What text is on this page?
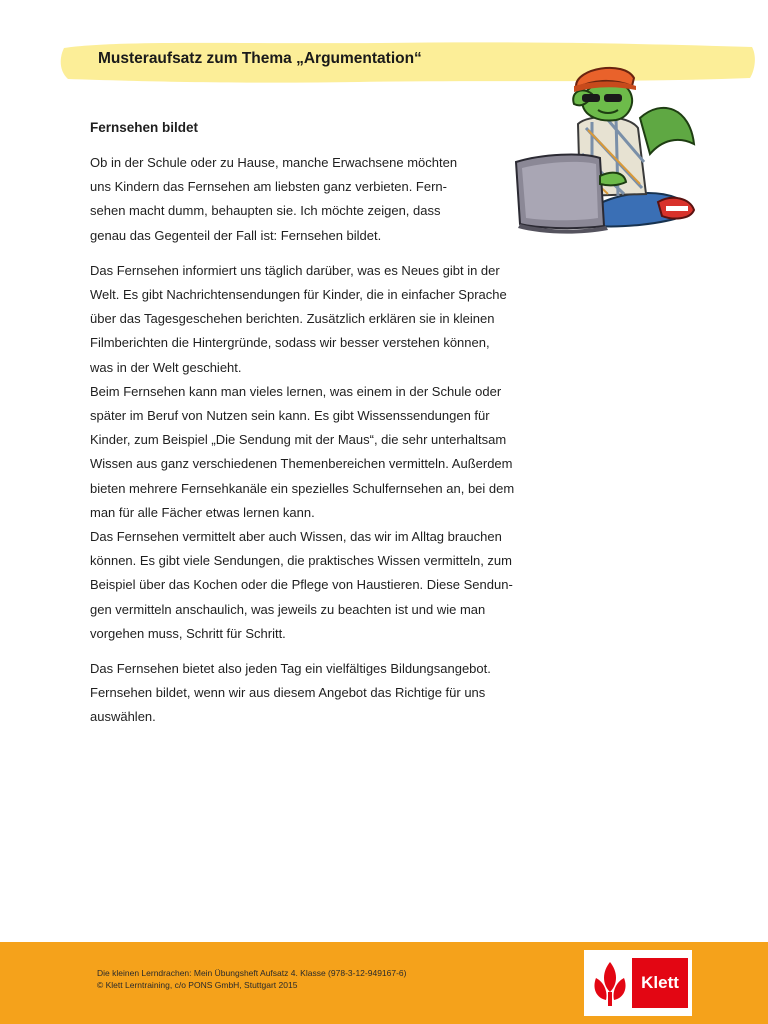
Musteraufsatz zum Thema „Argumentation“
Fernsehen bildet

Ob in der Schule oder zu Hause, manche Erwachsene möchten
uns Kindern das Fernsehen am liebsten ganz verbieten. Fern-
sehen macht dumm, behaupten sie. Ich möchte zeigen, dass
genau das Gegenteil der Fall ist: Fernsehen bildet.

Das Fernsehen informiert uns täglich darüber, was es Neues gibt in der
Welt. Es gibt Nachrichtensendungen für Kinder, die in einfacher Sprache
über das Tagesgeschehen berichten. Zusätzlich erklären sie in kleinen
Filmberichten die Hintergründe, sodass wir besser verstehen können,
was in der Welt geschieht.
Beim Fernsehen kann man vieles lernen, was einem in der Schule oder
später im Beruf von Nutzen sein kann. Es gibt Wissenssendungen für
Kinder, zum Beispiel „Die Sendung mit der Maus“, die sehr unterhaltsam
Wissen aus ganz verschiedenen Themenbereichen vermitteln. Außerdem
bieten mehrere Fernsehkanäle ein spezielles Schulfernsehen an, bei dem
man für alle Fächer etwas lernen kann.
Das Fernsehen vermittelt aber auch Wissen, das wir im Alltag brauchen
können. Es gibt viele Sendungen, die praktisches Wissen vermitteln, zum
Beispiel über das Kochen oder die Pflege von Haustieren. Diese Sendun-
gen vermitteln anschaulich, was jeweils zu beachten ist und wie man
vorgehen muss, Schritt für Schritt.

Das Fernsehen bietet also jeden Tag ein vielfältiges Bildungsangebot.
Fernsehen bildet, wenn wir aus diesem Angebot das Richtige für uns
auswählen.

Die kleinen Lerndrachen: Mein Übungsheft Aufsatz 4. Klasse (978-3-12-949167-6)
© Klett Lerntraining, c/o PONS GmbH, Stuttgart 2015	Klett
